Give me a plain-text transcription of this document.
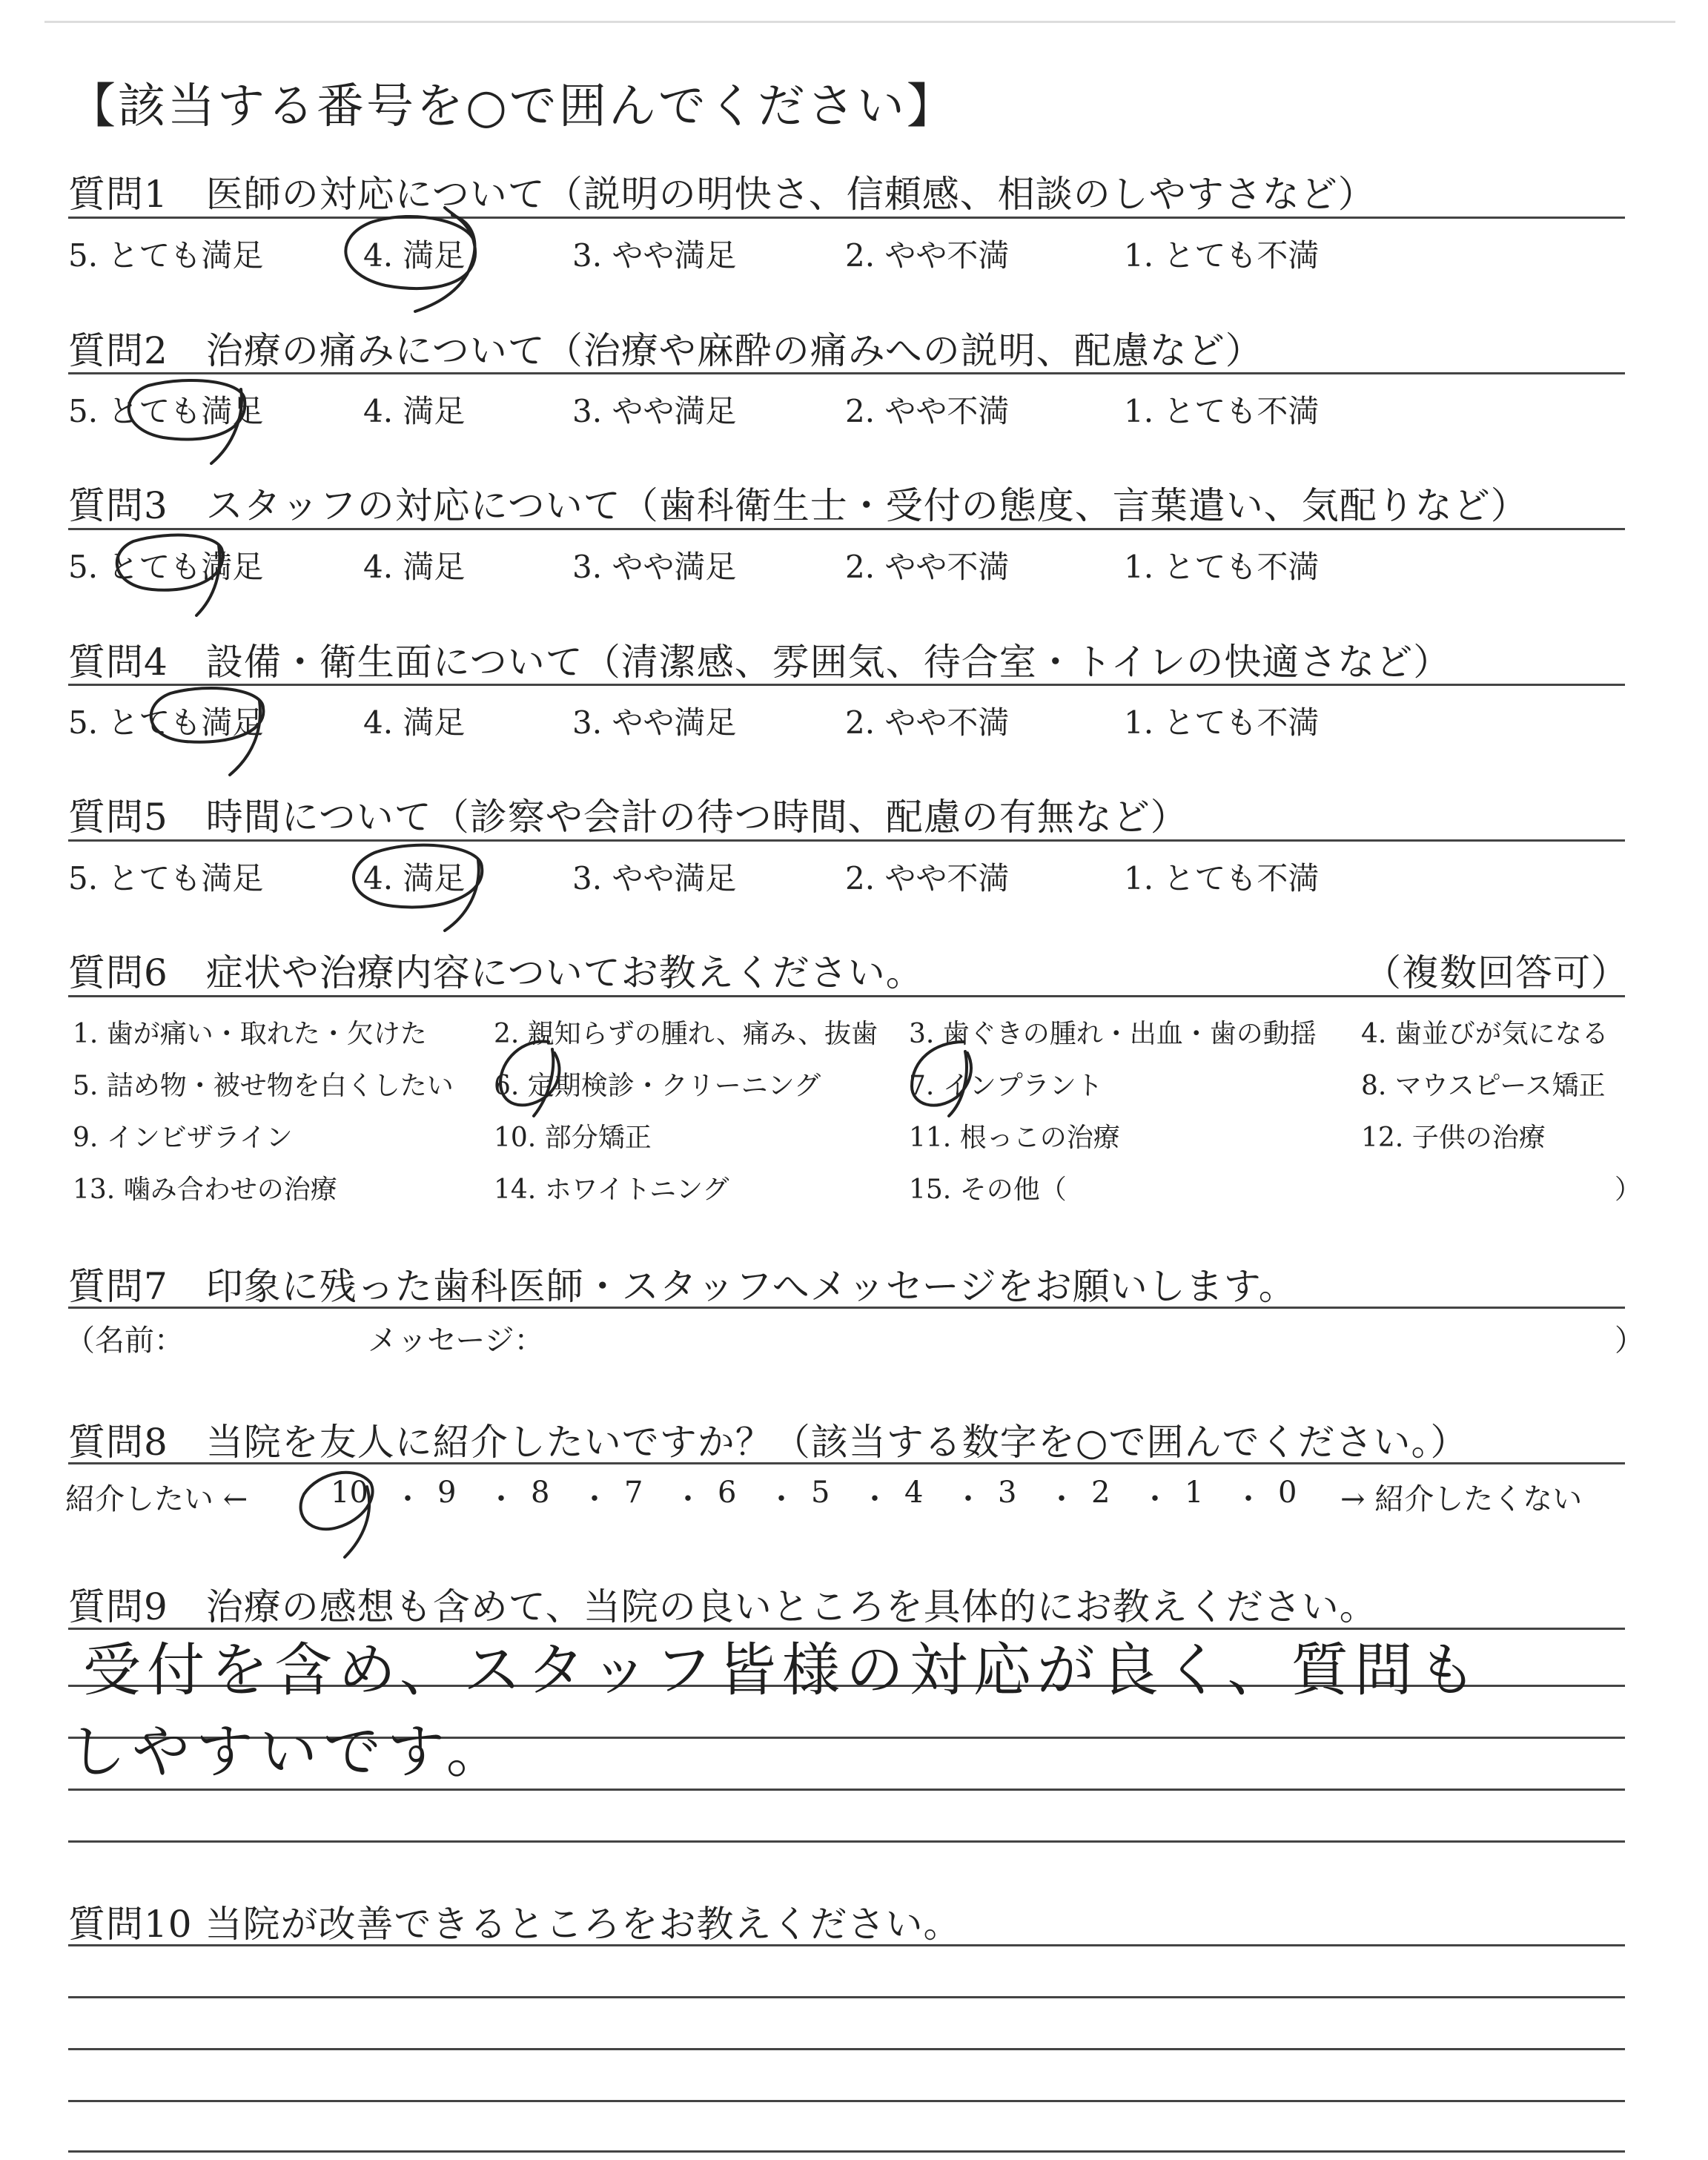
【該当する番号を○で囲んでください】
質問1　医師の対応について（説明の明快さ、信頼感、相談のしやすさなど）
5. とても満足	4. 満足	3. やや満足	2. やや不満	1. とても不満
質問2　治療の痛みについて（治療や麻酔の痛みへの説明、配慮など）
5. とても満足	4. 満足	3. やや満足	2. やや不満	1. とても不満
質問3　スタッフの対応について（歯科衛生士・受付の態度、言葉遣い、気配りなど）
5. とても満足	4. 満足	3. やや満足	2. やや不満	1. とても不満
質問4　設備・衛生面について（清潔感、雰囲気、待合室・トイレの快適さなど）
5. とても満足	4. 満足	3. やや満足	2. やや不満	1. とても不満
質問5　時間について（診察や会計の待つ時間、配慮の有無など）
5. とても満足	4. 満足	3. やや満足	2. やや不満	1. とても不満
質問6　症状や治療内容についてお教えください。	（複数回答可）
1. 歯が痛い・取れた・欠けた	2. 親知らずの腫れ、痛み、抜歯 3. 歯ぐきの腫れ・出血・歯の動揺 4. 歯並びが気になる
5. 詰め物・被せ物を白くしたい 6. 定期検診・クリーニング	7. インプラント	8. マウスピース矯正
9. インビザライン	10. 部分矯正	11. 根っこの治療	12. 子供の治療
13. 噛み合わせの治療	14. ホワイトニング	15. その他（	）
質問7　印象に残った歯科医師・スタッフへメッセージをお願いします。
（名前：	メッセージ：	）
質問8　当院を友人に紹介したいですか？（該当する数字を○で囲んでください。）
紹介したい ←	10 ・ 9 ・ 8 ・ 7 ・ 6 ・ 5 ・ 4 ・ 3 ・ 2 ・ 1 ・ 0 → 紹介したくない
質問9　治療の感想も含めて、当院の良いところを具体的にお教えください。
受付を含め、スタッフ皆様の対応が良く、質問も
しやすいです。
質問10 当院が改善できるところをお教えください。
